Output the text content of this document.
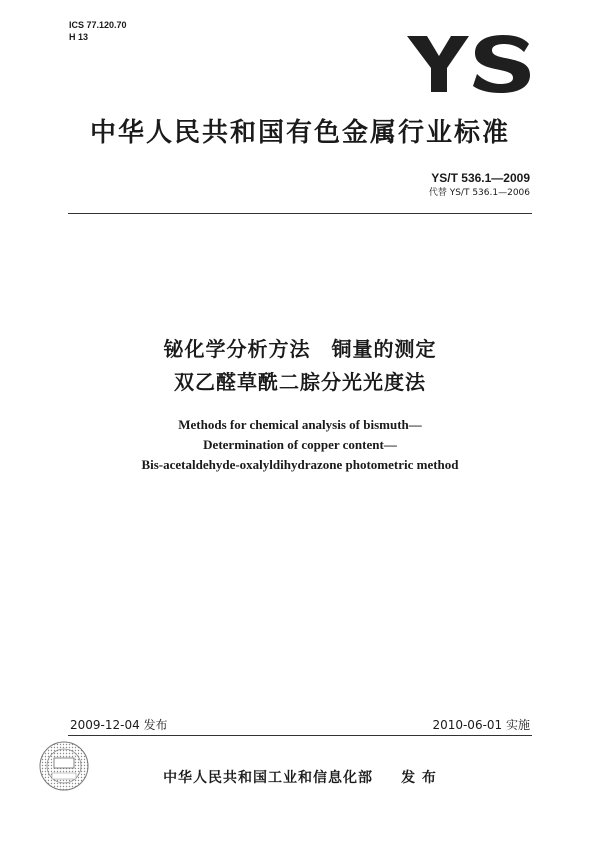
ICS 77.120.70
H 13
中华人民共和国有色金属行业标准
YS/T 536.1—2009
代替 YS/T 536.1—2006
铋化学分析方法　铜量的测定
双乙醛草酰二腙分光光度法
Methods for chemical analysis of bismuth—
Determination of copper content—
Bis-acetaldehyde-oxalyldihydrazone photometric method
2009-12-04 发布	2010-06-01 实施
中华人民共和国工业和信息化部 发 布
